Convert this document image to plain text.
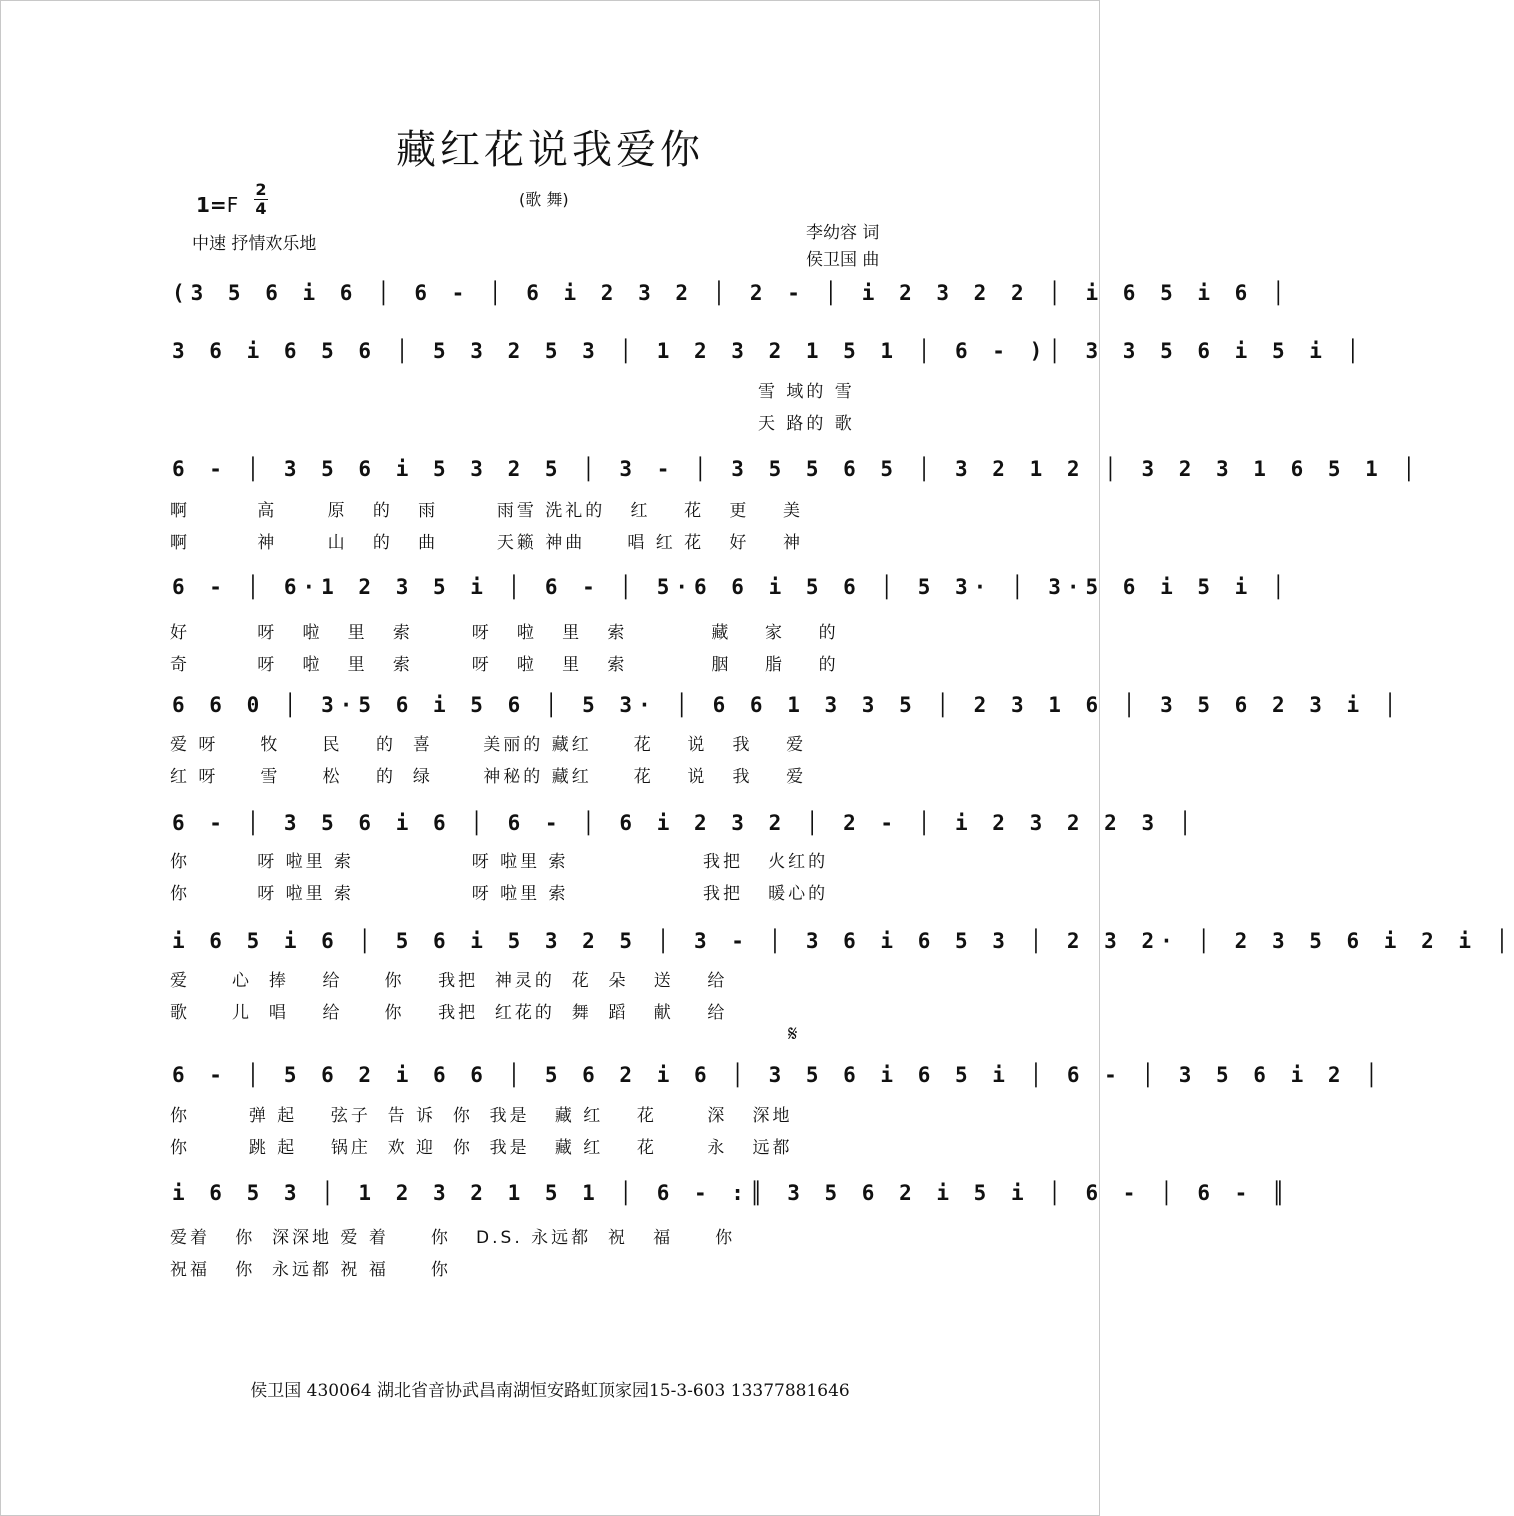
藏红花说我爱你
$1=F \frac{2}{4}$	(歌 舞)
中速 抒情欢乐地
李幼容 词
侯卫国 曲
(3 5 6 i 6 │ 6 - │ 6 i 2 3 2 │ 2 - │ i 2 3 2 2 │ i 6 5 i 6 │
3 6 i 6 5 6 │ 5 3 2 5 3 │ 1 2 3 2 1 5 1 │ 6 - )│ 3 3 5 6 i 5 i │
雪 域的 雪
天 路的 歌
6 - │ 3 5 6 i 5 3 2 5 │ 3 - │ 3 5 5 6 5 │ 3 2 1 2 │ 3 2 3 1 6 5 1 │
啊        高      原   的   雨       雨雪 洗礼的   红    花   更    美
啊        神      山   的   曲       天籁 神曲     唱 红 花   好    神
6 - │ 6·1 2 3 5 i │ 6 - │ 5·6 6 i 5 6 │ 5 3· │ 3·5 6 i 5 i │
好        呀   啦   里   索       呀   啦   里   索          藏    家    的
奇        呀   啦   里   索       呀   啦   里   索          胭    脂    的
6 6 0 │ 3·5 6 i 5 6 │ 5 3· │ 6 6 1 3 3 5 │ 2 3 1 6 │ 3 5 6 2 3 i │
爱 呀     牧     民    的  喜      美丽的 藏红     花    说   我    爱
红 呀     雪     松    的  绿      神秘的 藏红     花    说   我    爱
6 - │ 3 5 6 i 6 │ 6 - │ 6 i 2 3 2 │ 2 - │ i 2 3 2 2 3 │
你        呀 啦里 索              呀 啦里 索                我把   火红的
你        呀 啦里 索              呀 啦里 索                我把   暖心的
i 6 5 i 6 │ 5 6 i 5 3 2 5 │ 3 - │ 3 6 i 6 5 3 │ 2 3 2· │ 2 3 5 6 i 2 i │
爱     心  捧    给     你    我把  神灵的  花  朵   送    给
歌     儿  唱    给     你    我把  红花的  舞  蹈   献    给
𝄋
6 - │ 5 6 2 i 6 6 │ 5 6 2 i 6 │ 3 5 6 i 6 5 i │ 6 - │ 3 5 6 i 2 │
你       弹 起    弦子  告 诉  你  我是   藏 红    花      深   深地
你       跳 起    锅庄  欢 迎  你  我是   藏 红    花      永   远都
i 6 5 3 │ 1 2 3 2 1 5 1 │ 6 - :║ 3 5 6 2 i 5 i │ 6 - │ 6 - ║
爱着   你  深深地 爱 着     你   D.S. 永远都  祝   福     你
祝福   你  永远都 祝 福     你
侯卫国 430064 湖北省音协武昌南湖恒安路虹顶家园15-3-603 13377881646
